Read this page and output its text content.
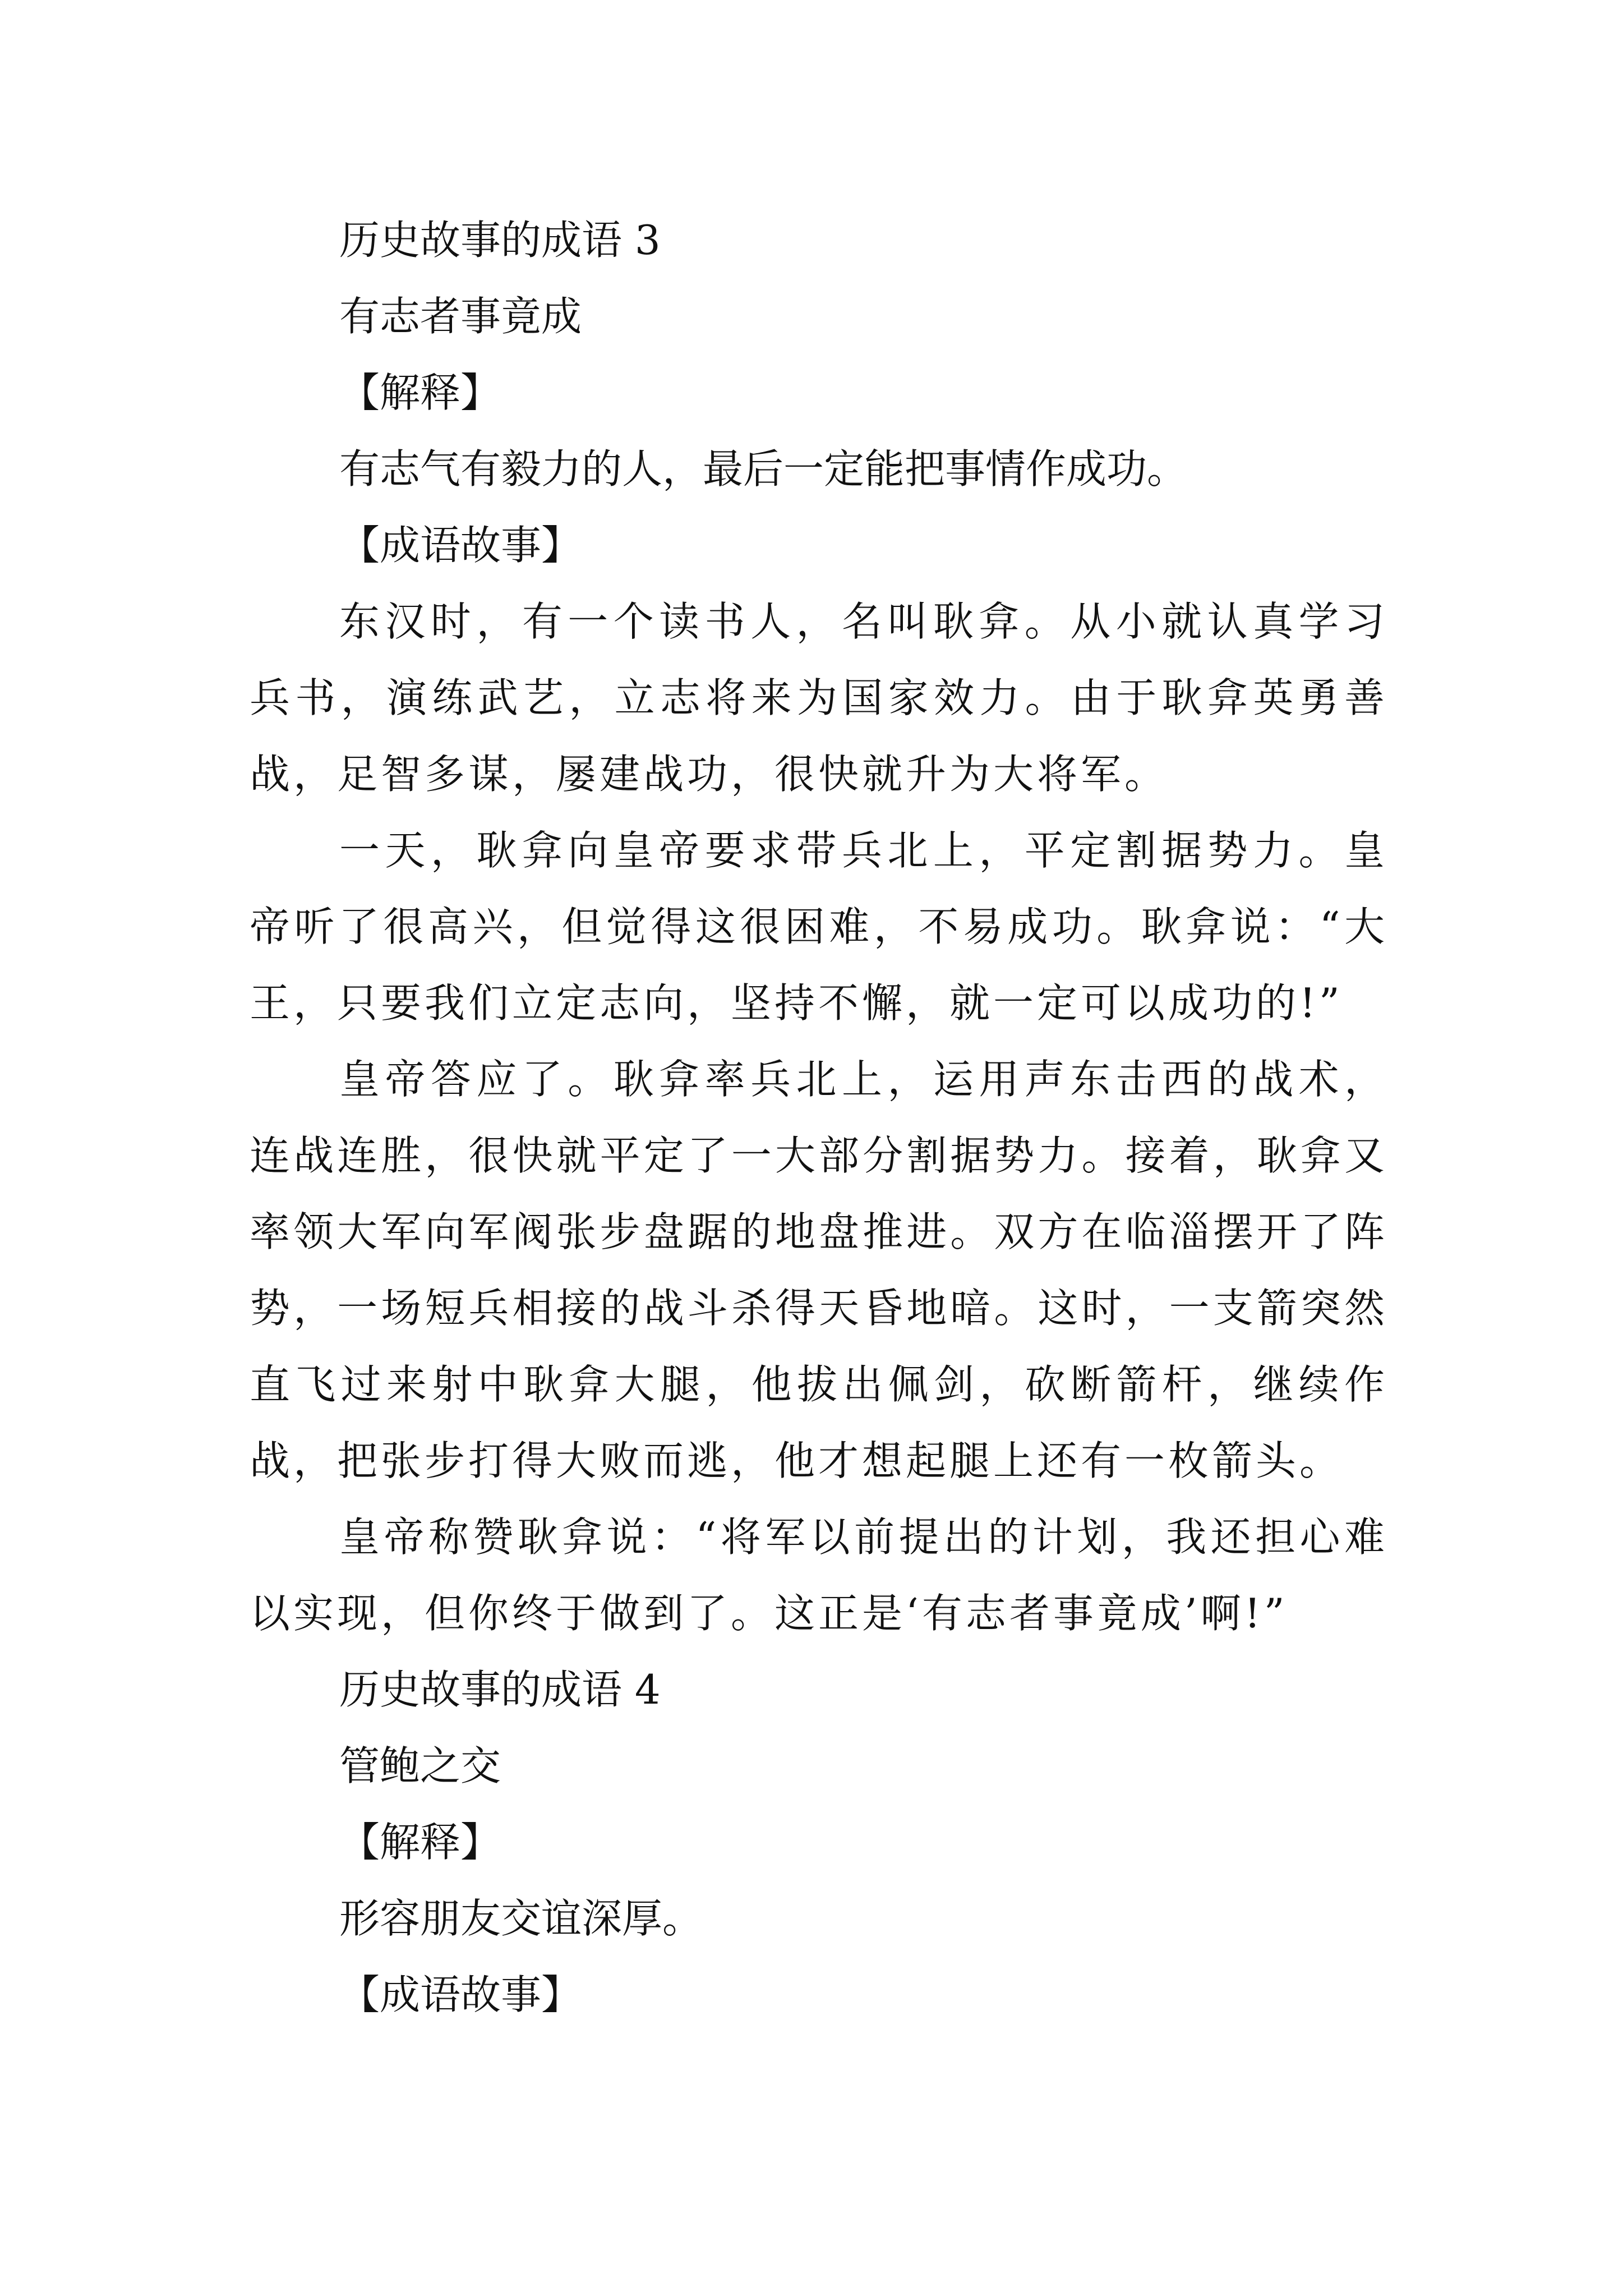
历史故事的成语 3

有志者事竟成

【解释】

有志气有毅力的人，最后一定能把事情作成功。

【成语故事】

东汉时，有一个读书人，名叫耿弇。从小就认真学习兵书，演练武艺，立志将来为国家效力。由于耿弇英勇善战，足智多谋，屡建战功，很快就升为大将军。

一天，耿弇向皇帝要求带兵北上，平定割据势力。皇帝听了很高兴，但觉得这很困难，不易成功。耿弇说：“大王，只要我们立定志向，坚持不懈，就一定可以成功的!”

皇帝答应了。耿弇率兵北上，运用声东击西的战术，连战连胜，很快就平定了一大部分割据势力。接着，耿弇又率领大军向军阀张步盘踞的地盘推进。双方在临淄摆开了阵势，一场短兵相接的战斗杀得天昏地暗。这时，一支箭突然直飞过来射中耿弇大腿，他拔出佩剑，砍断箭杆，继续作战，把张步打得大败而逃，他才想起腿上还有一枚箭头。

皇帝称赞耿弇说：“将军以前提出的计划，我还担心难以实现，但你终于做到了。这正是‘有志者事竟成’啊!”

历史故事的成语 4

管鲍之交

【解释】

形容朋友交谊深厚。

【成语故事】
